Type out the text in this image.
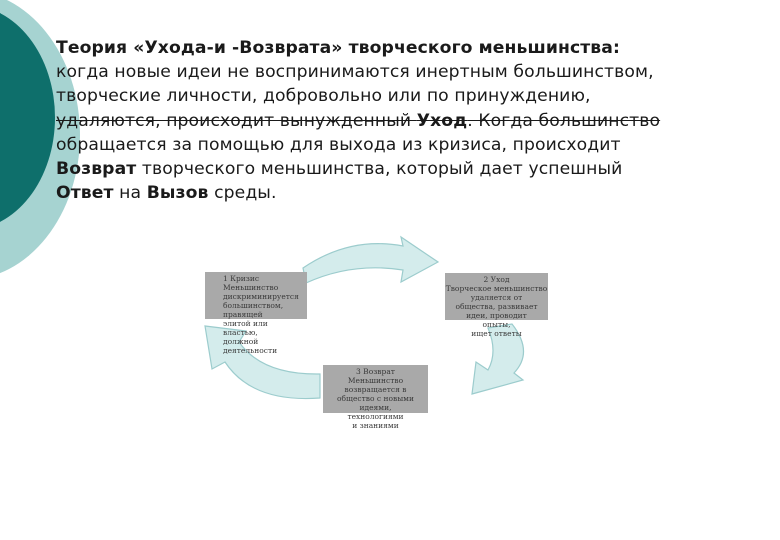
Теория «Ухода-и -Возврата» творческого меньшинства:
когда новые идеи не воспринимаются инертным большинством,
творческие личности, добровольно или по принуждению,
удаляются, происходит вынужденный Уход. Когда большинство
обращается за помощью для выхода из кризиса, происходит
Возврат творческого меньшинства, который дает успешный
Ответ на Вызов среды.
1 Кризис
Меньшинство
дискриминируется
большинством,
правящей
элитой или
властью,
должной
деятельности
2 Уход
Творческое меньшинство
удаляется от
общества, развивает
идеи, проводит
опыты,
ищет ответы
3 Возврат
Меньшинство
возвращается в
общество с новыми
идеями,
технологиями
и знаниями
